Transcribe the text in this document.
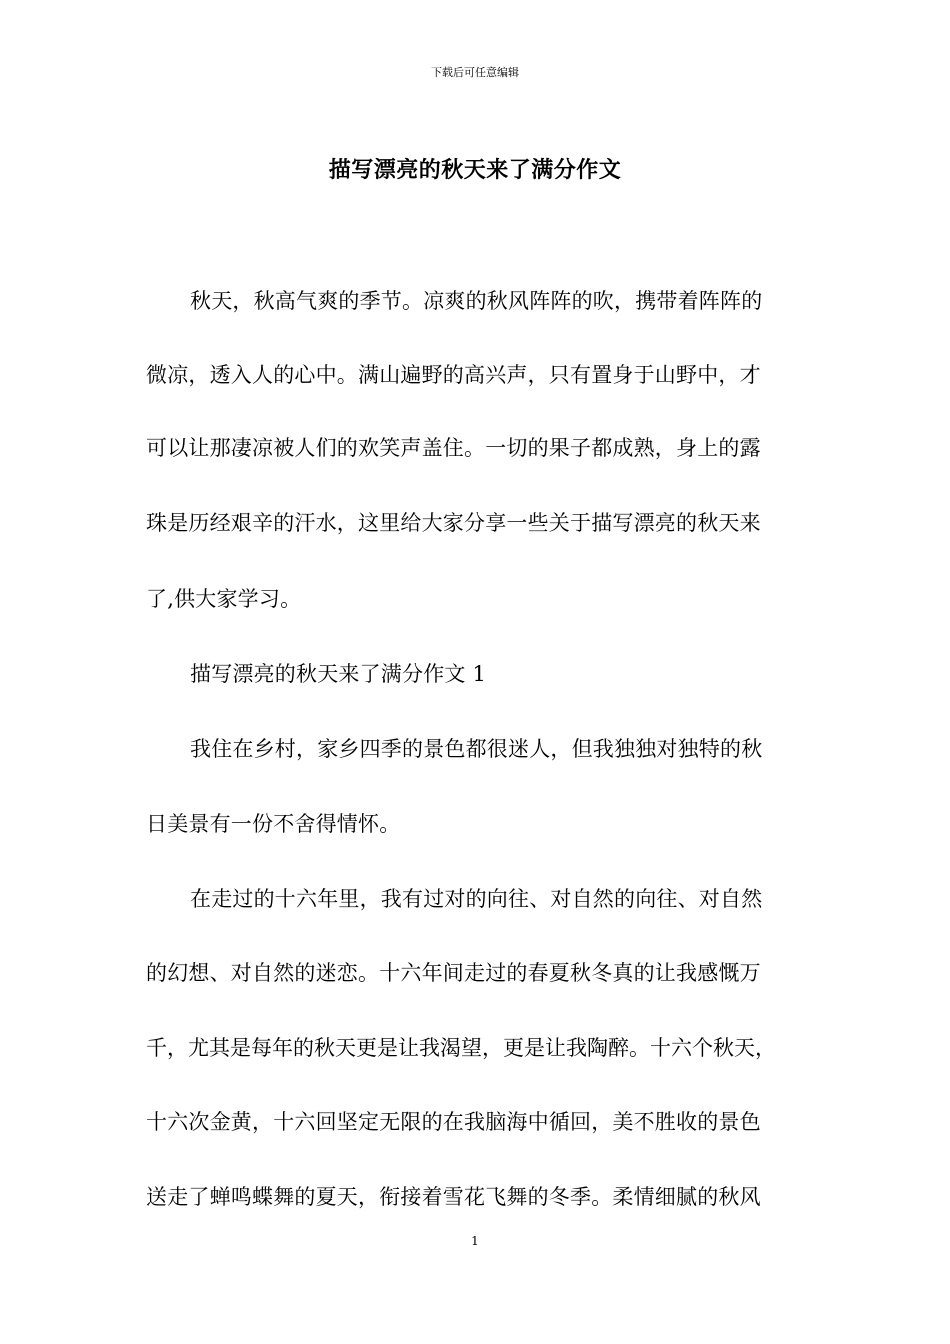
下载后可任意编辑
描写漂亮的秋天来了满分作文
秋天，秋高气爽的季节。凉爽的秋风阵阵的吹，携带着阵阵的
微凉，透入人的心中。满山遍野的高兴声，只有置身于山野中，才
可以让那凄凉被人们的欢笑声盖住。一切的果子都成熟，身上的露
珠是历经艰辛的汗水，这里给大家分享一些关于描写漂亮的秋天来
了,供大家学习。
描写漂亮的秋天来了满分作文 1
我住在乡村，家乡四季的景色都很迷人，但我独独对独特的秋
日美景有一份不舍得情怀。
在走过的十六年里，我有过对的向往、对自然的向往、对自然
的幻想、对自然的迷恋。十六年间走过的春夏秋冬真的让我感慨万
千，尤其是每年的秋天更是让我渴望，更是让我陶醉。十六个秋天，
十六次金黄，十六回坚定无限的在我脑海中循回，美不胜收的景色
送走了蝉鸣蝶舞的夏天，衔接着雪花飞舞的冬季。柔情细腻的秋风
1
